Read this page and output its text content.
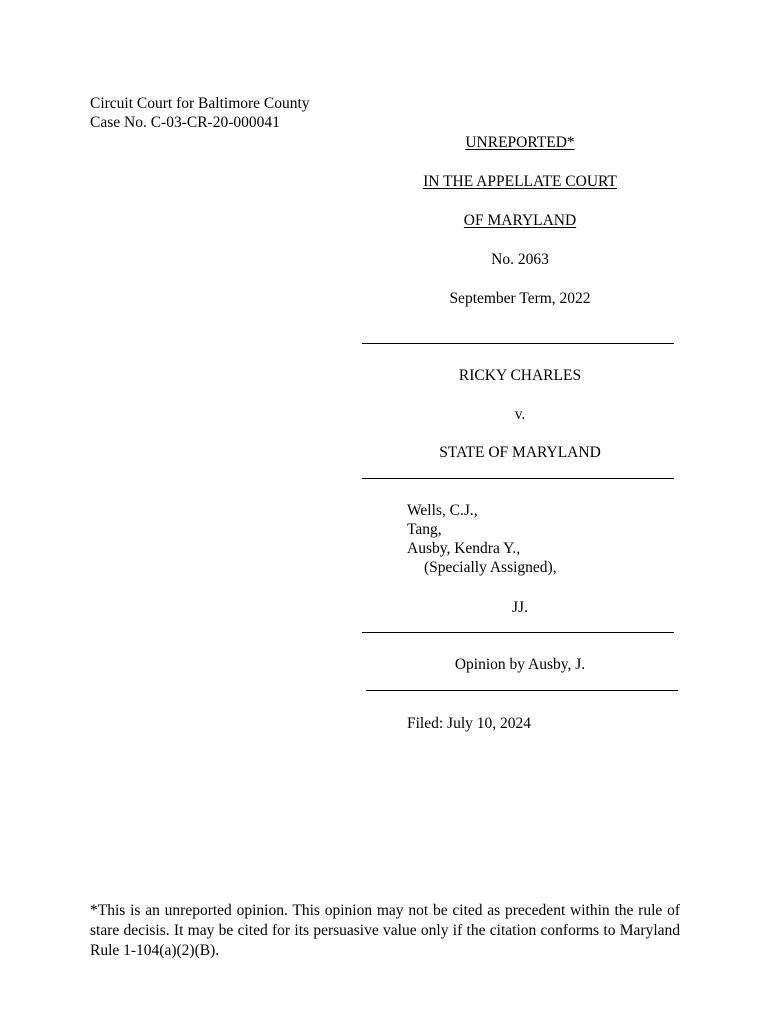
Circuit Court for Baltimore County
Case No. C-03-CR-20-000041
UNREPORTED*
IN THE APPELLATE COURT
OF MARYLAND
No. 2063
September Term, 2022
RICKY CHARLES
v.
STATE OF MARYLAND
Wells, C.J.,
Tang,
Ausby, Kendra Y.,
(Specially Assigned),
JJ.
Opinion by Ausby, J.
Filed: July 10, 2024
*This is an unreported opinion. This opinion may not be cited as precedent within the rule of stare decisis. It may be cited for its persuasive value only if the citation conforms to Maryland Rule 1-104(a)(2)(B).
